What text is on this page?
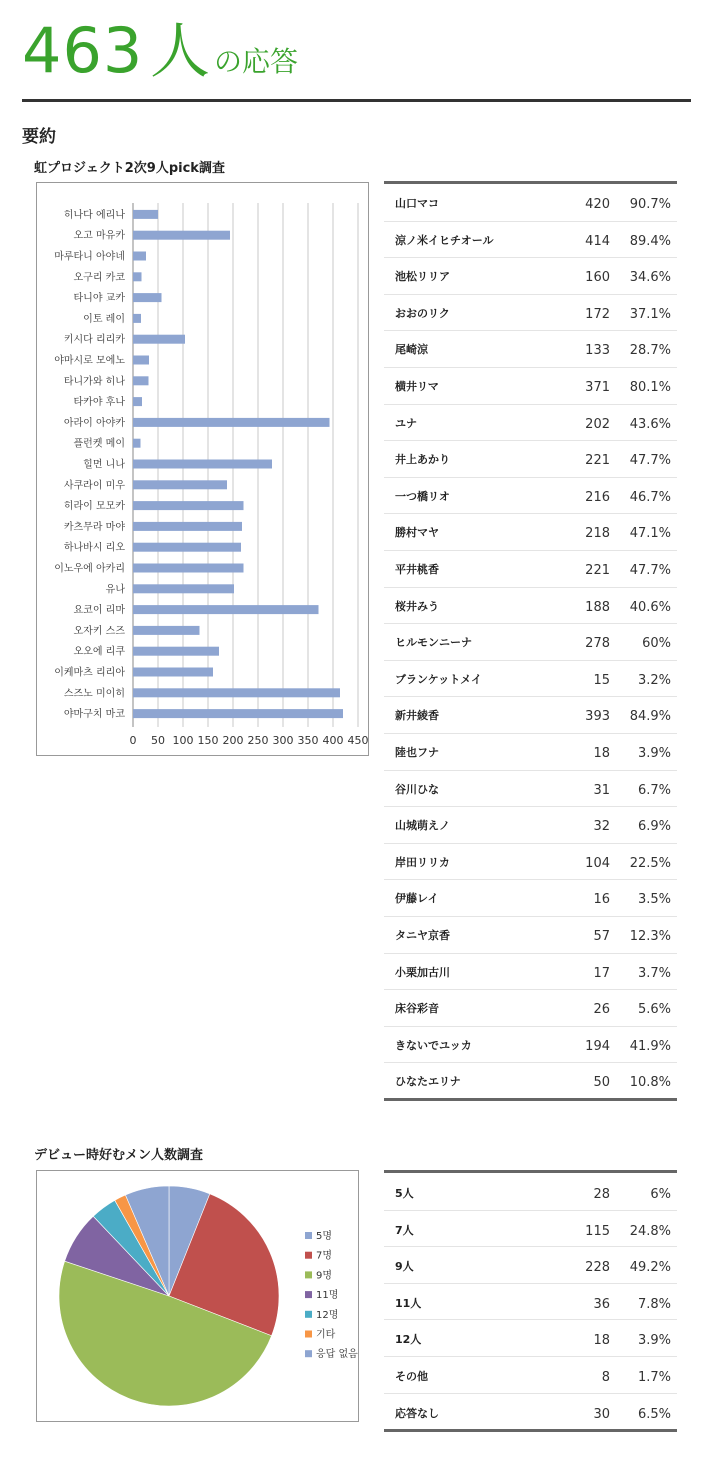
463 人 の応答
要約
虹プロジェクト2次9人pick調査
0 50 100 150 200 250 300 350 400 450
히나다 에리나
오고 마유카
마루타니 아야네
오구리 카코
타니야 교카
이토 레이
키시다 리리카
야마시로 모에노
타니가와 히나
타카야 후나
아라이 아야카
플런켓 메이
힐먼 니나
사쿠라이 미우
히라이 모모카
카츠무라 마야
하나바시 리오
이노우에 아카리
유나
요코이 리마
오자키 스즈
오오에 리쿠
이케마츠 리리아
스즈노 미이히
야마구치 마코
山口マコ	420 90.7%
涼ノ米イヒチオール	414 89.4%
池松リリア	160 34.6%
おおのリク	172 37.1%
尾崎涼	133 28.7%
横井リマ	371 80.1%
ユナ	202 43.6%
井上あかり	221 47.7%
一つ橋リオ	216 46.7%
勝村マヤ	218 47.1%
平井桃香	221 47.7%
桜井みう	188 40.6%
ヒルモンニーナ	278 60%
ブランケットメイ	15 3.2%
新井綾香	393 84.9%
陸也フナ	18 3.9%
谷川ひな	31 6.7%
山城萌えノ	32 6.9%
岸田リリカ	104 22.5%
伊藤レイ	16 3.5%
タニヤ京香	57 12.3%
小栗加古川	17 3.7%
床谷彩音	26 5.6%
きないでユッカ	194 41.9%
ひなたエリナ	50 10.8%
デビュー時好むメン人数調査
5명
7명
9명
11명
12명
기타
응답 없음
5人	28	6%
7人	115 24.8%
9人	228 49.2%
11人	36 7.8%
12人	18 3.9%
その他	8 1.7%
応答なし	30 6.5%
